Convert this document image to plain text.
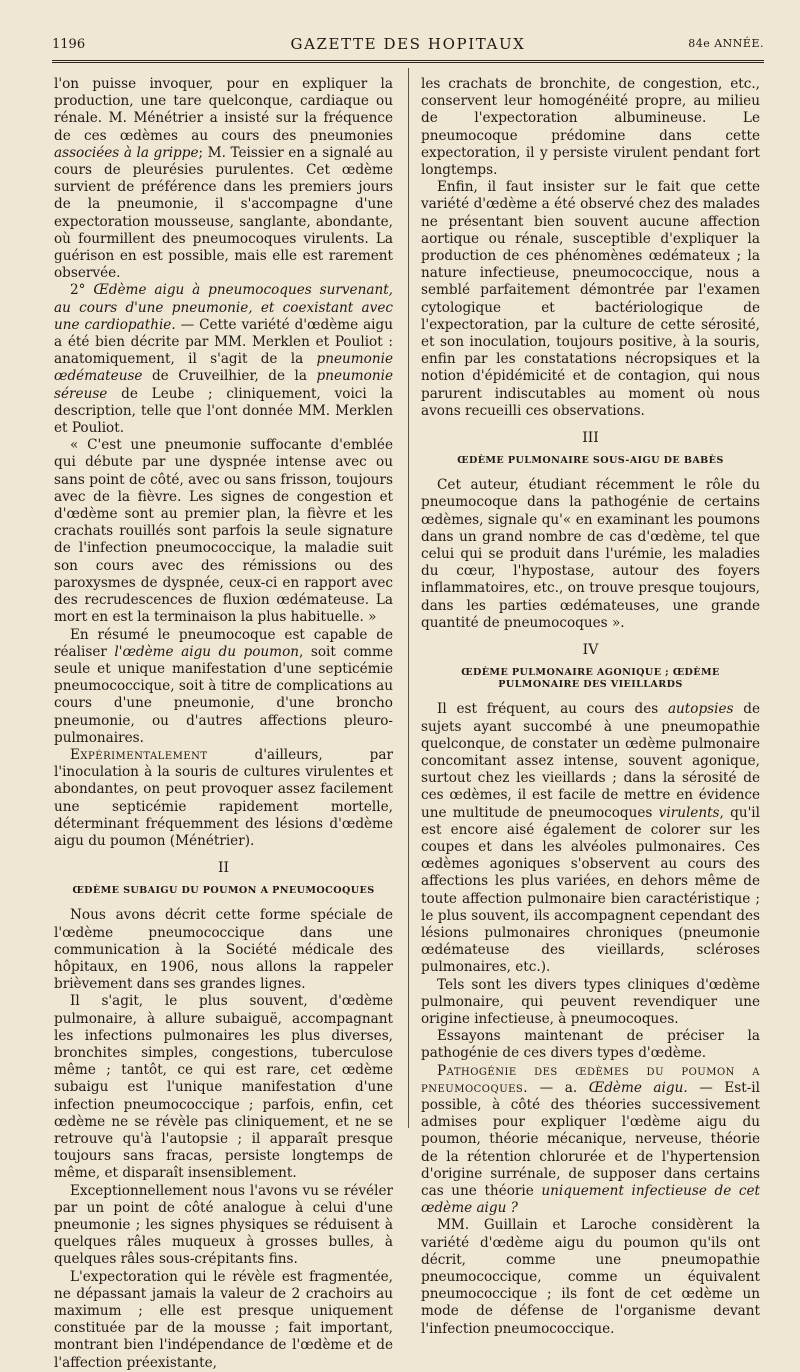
1196	GAZETTE DES HOPITAUX	84e ANNÉE.

l'on puisse invoquer, pour en expliquer la production, une tare quelconque, cardiaque ou rénale. M. Ménétrier a insisté sur la fréquence de ces œdèmes au cours des pneumonies associées à la grippe; M. Teissier en a signalé au cours de pleurésies purulentes. Cet œdème survient de préférence dans les premiers jours de la pneumonie, il s'accompagne d'une expectoration mousseuse, sanglante, abondante, où fourmillent des pneumocoques virulents. La guérison en est possible, mais elle est rarement observée.

2° Œdème aigu à pneumocoques survenant, au cours d'une pneumonie, et coexistant avec une cardiopathie. — Cette variété d'œdème aigu a été bien décrite par MM. Merklen et Pouliot : anatomiquement, il s'agit de la pneumonie œdémateuse de Cruveilhier, de la pneumonie séreuse de Leube ; cliniquement, voici la description, telle que l'ont donnée MM. Merklen et Pouliot.

« C'est une pneumonie suffocante d'emblée qui débute par une dyspnée intense avec ou sans point de côté, avec ou sans frisson, toujours avec de la fièvre. Les signes de congestion et d'œdème sont au premier plan, la fièvre et les crachats rouillés sont parfois la seule signature de l'infection pneumococcique, la maladie suit son cours avec des rémissions ou des paroxysmes de dyspnée, ceux-ci en rapport avec des recrudescences de fluxion œdémateuse. La mort en est la terminaison la plus habituelle. »

En résumé le pneumocoque est capable de réaliser l'œdème aigu du poumon, soit comme seule et unique manifestation d'une septicémie pneumococcique, soit à titre de complications au cours d'une pneumonie, d'une broncho pneumonie, ou d'autres affections pleuro-pulmonaires.

Expérimentalement d'ailleurs, par l'inoculation à la souris de cultures virulentes et abondantes, on peut provoquer assez facilement une septicémie rapidement mortelle, déterminant fréquemment des lésions d'œdème aigu du poumon (Ménétrier).

II
ŒDÈME SUBAIGU DU POUMON A PNEUMOCOQUES

Nous avons décrit cette forme spéciale de l'œdème pneumococcique dans une communication à la Société médicale des hôpitaux, en 1906, nous allons la rappeler brièvement dans ses grandes lignes.

Il s'agit, le plus souvent, d'œdème pulmonaire, à allure subaiguë, accompagnant les infections pulmonaires les plus diverses, bronchites simples, congestions, tuberculose même ; tantôt, ce qui est rare, cet œdème subaigu est l'unique manifestation d'une infection pneumococcique ; parfois, enfin, cet œdème ne se révèle pas cliniquement, et ne se retrouve qu'à l'autopsie ; il apparaît presque toujours sans fracas, persiste longtemps de même, et disparaît insensiblement.

Exceptionnellement nous l'avons vu se révéler par un point de côté analogue à celui d'une pneumonie ; les signes physiques se réduisent à quelques râles muqueux à grosses bulles, à quelques râles sous-crépitants fins.

L'expectoration qui le révèle est fragmentée, ne dépassant jamais la valeur de 2 crachoirs au maximum ; elle est presque uniquement constituée par de la mousse ; fait important, montrant bien l'indépendance de l'œdème et de l'affection préexistante,

les crachats de bronchite, de congestion, etc., conservent leur homogénéité propre, au milieu de l'expectoration albumineuse. Le pneumocoque prédomine dans cette expectoration, il y persiste virulent pendant fort longtemps.

Enfin, il faut insister sur le fait que cette variété d'œdème a été observé chez des malades ne présentant bien souvent aucune affection aortique ou rénale, susceptible d'expliquer la production de ces phénomènes œdémateux ; la nature infectieuse, pneumococcique, nous a semblé parfaitement démontrée par l'examen cytologique et bactériologique de l'expectoration, par la culture de cette sérosité, et son inoculation, toujours positive, à la souris, enfin par les constatations nécropsiques et la notion d'épidémicité et de contagion, qui nous parurent indiscutables au moment où nous avons recueilli ces observations.

III
ŒDÈME PULMONAIRE SOUS-AIGU DE BABÈS

Cet auteur, étudiant récemment le rôle du pneumocoque dans la pathogénie de certains œdèmes, signale qu'« en examinant les poumons dans un grand nombre de cas d'œdème, tel que celui qui se produit dans l'urémie, les maladies du cœur, l'hypostase, autour des foyers inflammatoires, etc., on trouve presque toujours, dans les parties œdémateuses, une grande quantité de pneumocoques ».

IV
ŒDÈME PULMONAIRE AGONIQUE ; ŒDÈME PULMONAIRE DES VIEILLARDS

Il est fréquent, au cours des autopsies de sujets ayant succombé à une pneumopathie quelconque, de constater un œdème pulmonaire concomitant assez intense, souvent agonique, surtout chez les vieillards ; dans la sérosité de ces œdèmes, il est facile de mettre en évidence une multitude de pneumocoques virulents, qu'il est encore aisé également de colorer sur les coupes et dans les alvéoles pulmonaires. Ces œdèmes agoniques s'observent au cours des affections les plus variées, en dehors même de toute affection pulmonaire bien caractéristique ; le plus souvent, ils accompagnent cependant des lésions pulmonaires chroniques (pneumonie œdémateuse des vieillards, scléroses pulmonaires, etc.).

Tels sont les divers types cliniques d'œdème pulmonaire, qui peuvent revendiquer une origine infectieuse, à pneumocoques.

Essayons maintenant de préciser la pathogénie de ces divers types d'œdème.

Pathogénie des œdèmes du poumon a pneumocoques. — a. Œdème aigu. — Est-il possible, à côté des théories successivement admises pour expliquer l'œdème aigu du poumon, théorie mécanique, nerveuse, théorie de la rétention chlorurée et de l'hypertension d'origine surrénale, de supposer dans certains cas une théorie uniquement infectieuse de cet œdème aigu ?

MM. Guillain et Laroche considèrent la variété d'œdème aigu du poumon qu'ils ont décrit, comme une pneumopathie pneumococcique, comme un équivalent pneumococcique ; ils font de cet œdème un mode de défense de l'organisme devant l'infection pneumococcique.
